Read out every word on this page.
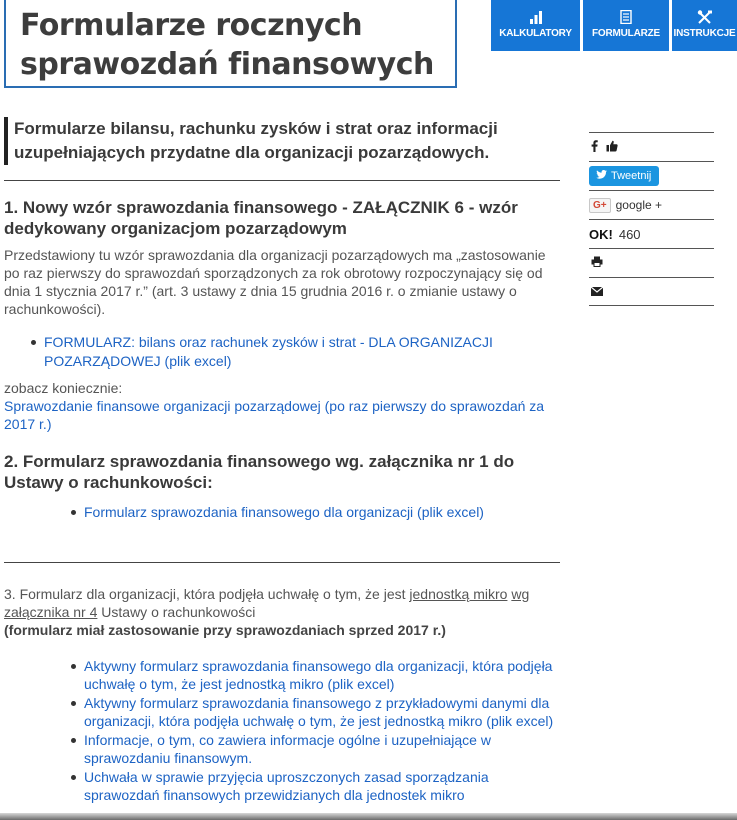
Formularze rocznych
sprawozdań finansowych
KALKULATORY	FORMULARZE	INSTRUKCJE
Formularze bilansu, rachunku zysków i strat oraz informacji uzupełniających przydatne dla organizacji pozarządowych.
1. Nowy wzór sprawozdania finansowego - ZAŁĄCZNIK 6 - wzór dedykowany organizacjom pozarządowym

Przedstawiony tu wzór sprawozdania dla organizacji pozarządowych ma „zastosowanie po raz pierwszy do sprawozdań sporządzonych za rok obrotowy rozpoczynający się od dnia 1 stycznia 2017 r.” (art. 3 ustawy z dnia 15 grudnia 2016 r. o zmianie ustawy o rachunkowości).

FORMULARZ: bilans oraz rachunek zysków i strat - DLA ORGANIZACJI POZARZĄDOWEJ (plik excel)

zobacz koniecznie:

Sprawozdanie finansowe organizacji pozarządowej (po raz pierwszy do sprawozdań za 2017 r.)

2. Formularz sprawozdania finansowego wg. załącznika nr 1 do Ustawy o rachunkowości:
Formularz sprawozdania finansowego dla organizacji (plik excel)

3. Formularz dla organizacji, która podjęła uchwałę o tym, że jest jednostką mikro wg załącznika nr 4 Ustawy o rachunkowości

(formularz miał zastosowanie przy sprawozdaniach sprzed 2017 r.)

Aktywny formularz sprawozdania finansowego dla organizacji, która podjęła uchwałę o tym, że jest jednostką mikro (plik excel)
Aktywny formularz sprawozdania finansowego z przykładowymi danymi dla organizacji, która podjęła uchwałę o tym, że jest jednostką mikro (plik excel)
Informacje, o tym, co zawiera informacje ogólne i uzupełniające w sprawozdaniu finansowym.
Uchwała w sprawie przyjęcia uproszczonych zasad sporządzania sprawozdań finansowych przewidzianych dla jednostek mikro
Tweetnij
G+ google +
OK! 460
